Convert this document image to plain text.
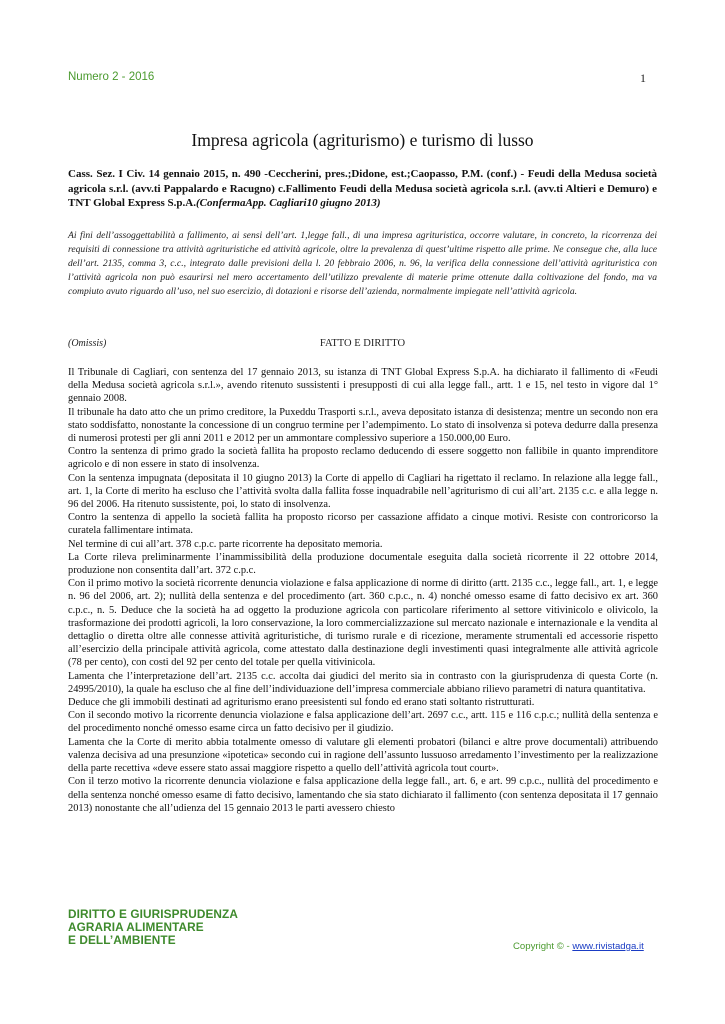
Numero 2 - 2016	1
Impresa agricola (agriturismo) e turismo di lusso
Cass. Sez. I Civ. 14 gennaio 2015, n. 490 -Ceccherini, pres.;Didone, est.;Caopasso, P.M. (conf.) - Feudi della Medusa società agricola s.r.l. (avv.ti Pappalardo e Racugno) c.Fallimento Feudi della Medusa società agricola s.r.l. (avv.ti Altieri e Demuro) e TNT Global Express S.p.A.(ConfermaApp. Cagliari10 giugno 2013)
Ai fini dell’assoggettabilità a fallimento, ai sensi dell’art. 1,legge fall., di una impresa agrituristica, occorre valutare, in concreto, la ricorrenza dei requisiti di connessione tra attività agrituristiche ed attività agricole, oltre la prevalenza di quest’ultime rispetto alle prime. Ne consegue che, alla luce dell’art. 2135, comma 3, c.c., integrato dalle previsioni della l. 20 febbraio 2006, n. 96, la verifica della connessione dell’attività agrituristica con l’attività agricola non può esaurirsi nel mero accertamento dell’utilizzo prevalente di materie prime ottenute dalla coltivazione del fondo, ma va compiuto avuto riguardo all’uso, nel suo esercizio, di dotazioni e risorse dell’azienda, normalmente impiegate nell’attività agricola.
(Omissis)	FATTO E DIRITTO

Il Tribunale di Cagliari, con sentenza del 17 gennaio 2013, su istanza di TNT Global Express S.p.A. ha dichiarato il fallimento di «Feudi della Medusa società agricola s.r.l.», avendo ritenuto sussistenti i presupposti di cui alla legge fall., artt. 1 e 15, nel testo in vigore dal 1° gennaio 2008.

Il tribunale ha dato atto che un primo creditore, la Puxeddu Trasporti s.r.l., aveva depositato istanza di desistenza; mentre un secondo non era stato soddisfatto, nonostante la concessione di un congruo termine per l’adempimento. Lo stato di insolvenza si poteva dedurre dalla presenza di numerosi protesti per gli anni 2011 e 2012 per un ammontare complessivo superiore a 150.000,00 Euro.

Contro la sentenza di primo grado la società fallita ha proposto reclamo deducendo di essere soggetto non fallibile in quanto imprenditore agricolo e di non essere in stato di insolvenza.

Con la sentenza impugnata (depositata il 10 giugno 2013) la Corte di appello di Cagliari ha rigettato il reclamo. In relazione alla legge fall., art. 1, la Corte di merito ha escluso che l’attività svolta dalla fallita fosse inquadrabile nell’agriturismo di cui all’art. 2135 c.c. e alla legge n. 96 del 2006. Ha ritenuto sussistente, poi, lo stato di insolvenza.

Contro la sentenza di appello la società fallita ha proposto ricorso per cassazione affidato a cinque motivi. Resiste con controricorso la curatela fallimentare intimata.

Nel termine di cui all’art. 378 c.p.c. parte ricorrente ha depositato memoria.

La Corte rileva preliminarmente l’inammissibilità della produzione documentale eseguita dalla società ricorrente il 22 ottobre 2014, produzione non consentita dall’art. 372 c.p.c.

Con il primo motivo la società ricorrente denuncia violazione e falsa applicazione di norme di diritto (artt. 2135 c.c., legge fall., art. 1, e legge n. 96 del 2006, art. 2); nullità della sentenza e del procedimento (art. 360 c.p.c., n. 4) nonché omesso esame di fatto decisivo ex art. 360 c.p.c., n. 5. Deduce che la società ha ad oggetto la produzione agricola con particolare riferimento al settore vitivinicolo e olivicolo, la trasformazione dei prodotti agricoli, la loro conservazione, la loro commercializzazione sul mercato nazionale e internazionale e la vendita al dettaglio o diretta oltre alle connesse attività agrituristiche, di turismo rurale e di ricezione, meramente strumentali ed accessorie rispetto all’esercizio della principale attività agricola, come attestato dalla destinazione degli investimenti quasi integralmente alle attività agricole (78 per cento), con costi del 92 per cento del totale per quella vitivinicola.

Lamenta che l’interpretazione dell’art. 2135 c.c. accolta dai giudici del merito sia in contrasto con la giurisprudenza di questa Corte (n. 24995/2010), la quale ha escluso che al fine dell’individuazione dell’impresa commerciale abbiano rilievo parametri di natura quantitativa.

Deduce che gli immobili destinati ad agriturismo erano preesistenti sul fondo ed erano stati soltanto ristrutturati.

Con il secondo motivo la ricorrente denuncia violazione e falsa applicazione dell’art. 2697 c.c., artt. 115 e 116 c.p.c.; nullità della sentenza e del procedimento nonché omesso esame circa un fatto decisivo per il giudizio.

Lamenta che la Corte di merito abbia totalmente omesso di valutare gli elementi probatori (bilanci e altre prove documentali) attribuendo valenza decisiva ad una presunzione «ipotetica» secondo cui in ragione dell’assunto lussuoso arredamento l’investimento per la realizzazione della parte recettiva «deve essere stato assai maggiore rispetto a quello dell’attività agricola tout court».

Con il terzo motivo la ricorrente denuncia violazione e falsa applicazione della legge fall., art. 6, e art. 99 c.p.c., nullità del procedimento e della sentenza nonché omesso esame di fatto decisivo, lamentando che sia stato dichiarato il fallimento (con sentenza depositata il 17 gennaio 2013) nonostante che all’udienza del 15 gennaio 2013 le parti avessero chiesto

DIRITTO E GIURISPRUDENZA
AGRARIA ALIMENTARE
E DELL’AMBIENTE	Copyright © - www.rivistadga.it
